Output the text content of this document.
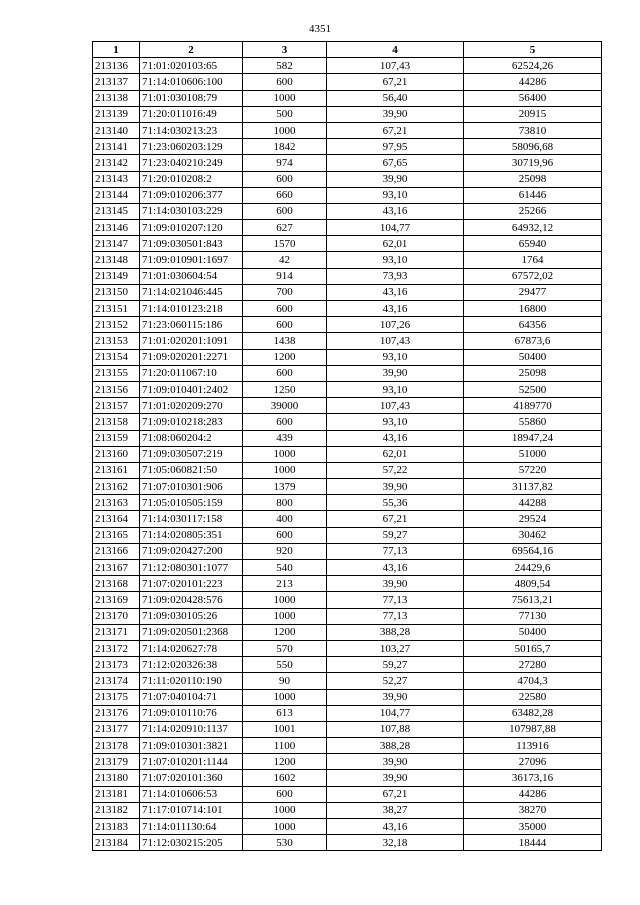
4351
1	2	3	4	5
213136	71:01:020103:65	582	107,43	62524,26
213137	71:14:010606:100	600	67,21	44286
213138	71:01:030108:79	1000	56,40	56400
213139	71:20:011016:49	500	39,90	20915
213140	71:14:030213:23	1000	67,21	73810
213141	71:23:060203:129	1842	97,95	58096,68
213142	71:23:040210:249	974	67,65	30719,96
213143	71:20:010208:2	600	39,90	25098
213144	71:09:010206:377	660	93,10	61446
213145	71:14:030103:229	600	43,16	25266
213146	71:09:010207:120	627	104,77	64932,12
213147	71:09:030501:843	1570	62,01	65940
213148	71:09:010901:1697	42	93,10	1764
213149	71:01:030604:54	914	73,93	67572,02
213150	71:14:021046:445	700	43,16	29477
213151	71:14:010123:218	600	43,16	16800
213152	71:23:060115:186	600	107,26	64356
213153	71:01:020201:1091	1438	107,43	67873,6
213154	71:09:020201:2271	1200	93,10	50400
213155	71:20:011067:10	600	39,90	25098
213156	71:09:010401:2402	1250	93,10	52500
213157	71:01:020209:270	39000	107,43	4189770
213158	71:09:010218:283	600	93,10	55860
213159	71:08:060204:2	439	43,16	18947,24
213160	71:09:030507:219	1000	62,01	51000
213161	71:05:060821:50	1000	57,22	57220
213162	71:07:010301:906	1379	39,90	31137,82
213163	71:05:010505:159	800	55,36	44288
213164	71:14:030117:158	400	67,21	29524
213165	71:14:020805:351	600	59,27	30462
213166	71:09:020427:200	920	77,13	69564,16
213167	71:12:080301:1077	540	43,16	24429,6
213168	71:07:020101:223	213	39,90	4809,54
213169	71:09:020428:576	1000	77,13	75613,21
213170	71:09:030105:26	1000	77,13	77130
213171	71:09:020501:2368	1200	388,28	50400
213172	71:14:020627:78	570	103,27	50165,7
213173	71:12:020326:38	550	59,27	27280
213174	71:11:020110:190	90	52,27	4704,3
213175	71:07:040104:71	1000	39,90	22580
213176	71:09:010110:76	613	104,77	63482,28
213177	71:14:020910:1137	1001	107,88	107987,88
213178	71:09:010301:3821	1100	388,28	113916
213179	71:07:010201:1144	1200	39,90	27096
213180	71:07:020101:360	1602	39,90	36173,16
213181	71:14:010606:53	600	67,21	44286
213182	71:17:010714:101	1000	38,27	38270
213183	71:14:011130:64	1000	43,16	35000
213184	71:12:030215:205	530	32,18	18444
